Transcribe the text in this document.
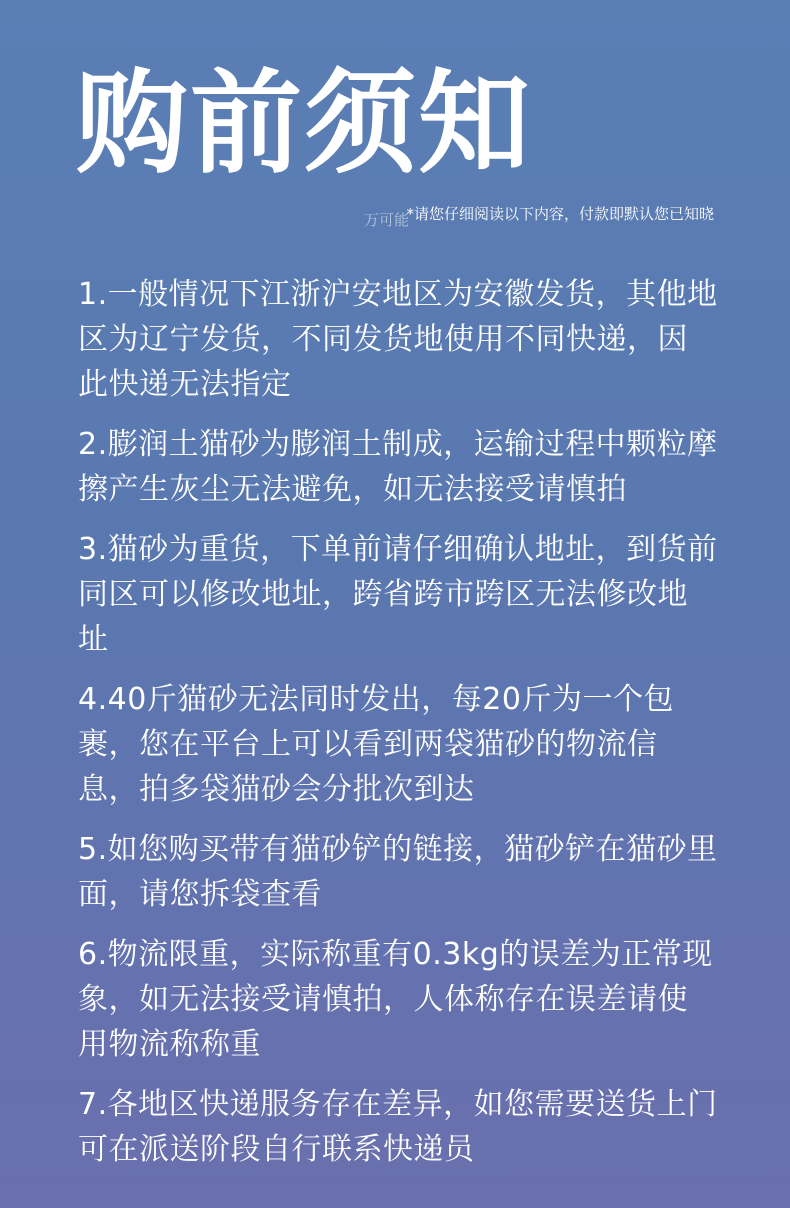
购前须知
*请您仔细阅读以下内容，付款即默认您已知晓
万可能

1.一般情况下江浙沪安地区为安徽发货，其他地区为辽宁发货，不同发货地使用不同快递，因此快递无法指定

2.膨润土猫砂为膨润土制成，运输过程中颗粒摩擦产生灰尘无法避免，如无法接受请慎拍

3.猫砂为重货，下单前请仔细确认地址，到货前同区可以修改地址，跨省跨市跨区无法修改地址

4.40斤猫砂无法同时发出，每20斤为一个包裹，您在平台上可以看到两袋猫砂的物流信息，拍多袋猫砂会分批次到达

5.如您购买带有猫砂铲的链接，猫砂铲在猫砂里面，请您拆袋查看

6.物流限重，实际称重有0.3kg的误差为正常现象，如无法接受请慎拍，人体称存在误差请使用物流称称重

7.各地区快递服务存在差异，如您需要送货上门可在派送阶段自行联系快递员
